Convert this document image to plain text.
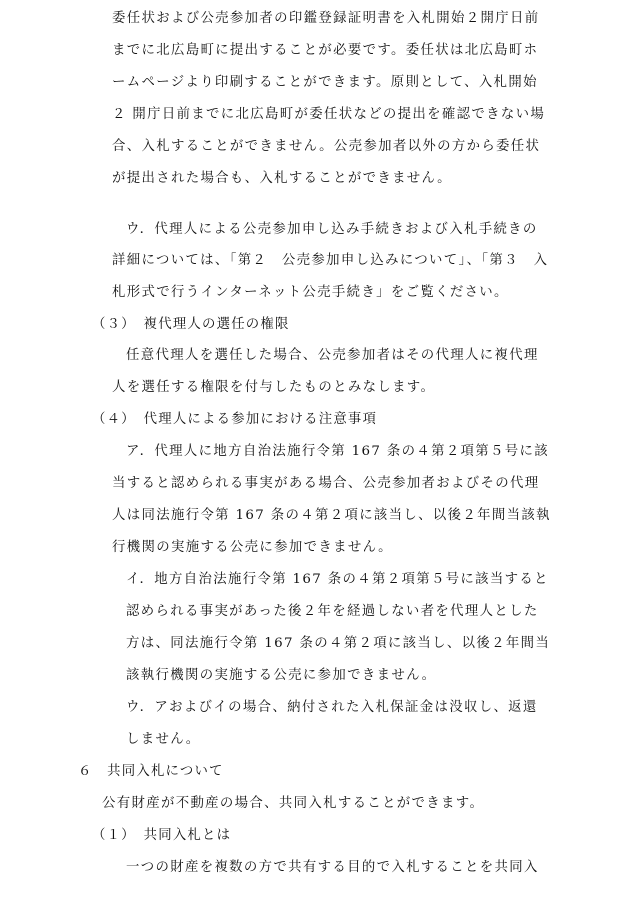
委任状および公売参加者の印鑑登録証明書を入札開始２開庁日前
までに北広島町に提出することが必要です。委任状は北広島町ホ
ームページより印刷することができます。原則として、入札開始
２ 開庁日前までに北広島町が委任状などの提出を確認できない場
合、入札することができません。公売参加者以外の方から委任状
が提出された場合も、入札することができません。
ウ．代理人による公売参加申し込み手続きおよび入札手続きの
詳細については、「第２　公売参加申し込みについて」、「第３　入
札形式で行うインターネット公売手続き」をご覧ください。
（３）　複代理人の選任の権限
任意代理人を選任した場合、公売参加者はその代理人に複代理
人を選任する権限を付与したものとみなします。
（４）　代理人による参加における注意事項
ア．代理人に地方自治法施行令第 167 条の４第２項第５号に該
当すると認められる事実がある場合、公売参加者およびその代理
人は同法施行令第 167 条の４第２項に該当し、以後２年間当該執
行機関の実施する公売に参加できません。
イ．地方自治法施行令第 167 条の４第２項第５号に該当すると
認められる事実があった後２年を経過しない者を代理人とした
方は、同法施行令第 167 条の４第２項に該当し、以後２年間当
該執行機関の実施する公売に参加できません。
ウ．アおよびイの場合、納付された入札保証金は没収し、返還
しません。
６　共同入札について
公有財産が不動産の場合、共同入札することができます。
（１）　共同入札とは
一つの財産を複数の方で共有する目的で入札することを共同入
